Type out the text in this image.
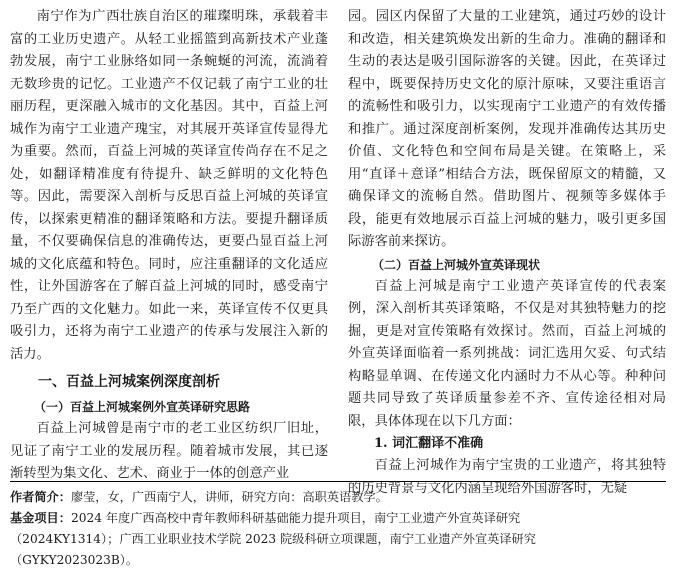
南宁作为广西壮族自治区的璀璨明珠，承载着丰富的工业历史遗产。从轻工业摇篮到高新技术产业蓬勃发展，南宁工业脉络如同一条蜿蜒的河流，流淌着无数珍贵的记忆。工业遗产不仅记载了南宁工业的壮丽历程，更深融入城市的文化基因。其中，百益上河城作为南宁工业遗产瑰宝，对其展开英译宣传显得尤为重要。然而，百益上河城的英译宣传尚存在不足之处，如翻译精准度有待提升、缺乏鲜明的文化特色等。因此，需要深入剖析与反思百益上河城的英译宣传，以探索更精准的翻译策略和方法。要提升翻译质量，不仅要确保信息的准确传达，更要凸显百益上河城的文化底蕴和特色。同时，应注重翻译的文化适应性，让外国游客在了解百益上河城的同时，感受南宁乃至广西的文化魅力。如此一来，英译宣传不仅更具吸引力，还将为南宁工业遗产的传承与发展注入新的活力。

一、百益上河城案例深度剖析
（一）百益上河城案例外宣英译研究思路

百益上河城曾是南宁市的老工业区纺织厂旧址，见证了南宁工业的发展历程。随着城市发展，其已逐渐转型为集文化、艺术、商业于一体的创意产业

园。园区内保留了大量的工业建筑，通过巧妙的设计和改造，相关建筑焕发出新的生命力。准确的翻译和生动的表达是吸引国际游客的关键。因此，在英译过程中，既要保持历史文化的原汁原味，又要注重语言的流畅性和吸引力，以实现南宁工业遗产的有效传播和推广。通过深度剖析案例，发现并准确传达其历史价值、文化特色和空间布局是关键。在策略上，采用“直译＋意译”相结合方法，既保留原文的精髓，又确保译文的流畅自然。借助图片、视频等多媒体手段，能更有效地展示百益上河城的魅力，吸引更多国际游客前来探访。

（二）百益上河城外宣英译现状

百益上河城是南宁工业遗产英译宣传的代表案例，深入剖析其英译策略，不仅是对其独特魅力的挖掘，更是对宣传策略有效探讨。然而，百益上河城的外宣英译面临着一系列挑战：词汇选用欠妥、句式结构略显单调、在传递文化内涵时力不从心等。种种问题共同导致了英译质量参差不齐、宣传途径相对局限，具体体现在以下几方面：

1. 词汇翻译不准确

百益上河城作为南宁宝贵的工业遗产，将其独特的历史背景与文化内涵呈现给外国游客时，无疑

作者简介：廖莹，女，广西南宁人，讲师，研究方向：高职英语教学。

基金项目：2024 年度广西高校中青年教师科研基础能力提升项目，南宁工业遗产外宣英译研究

（2024KY1314）；广西工业职业技术学院 2023 院级科研立项课题，南宁工业遗产外宣英译研究

（GYKY2023023B）。
